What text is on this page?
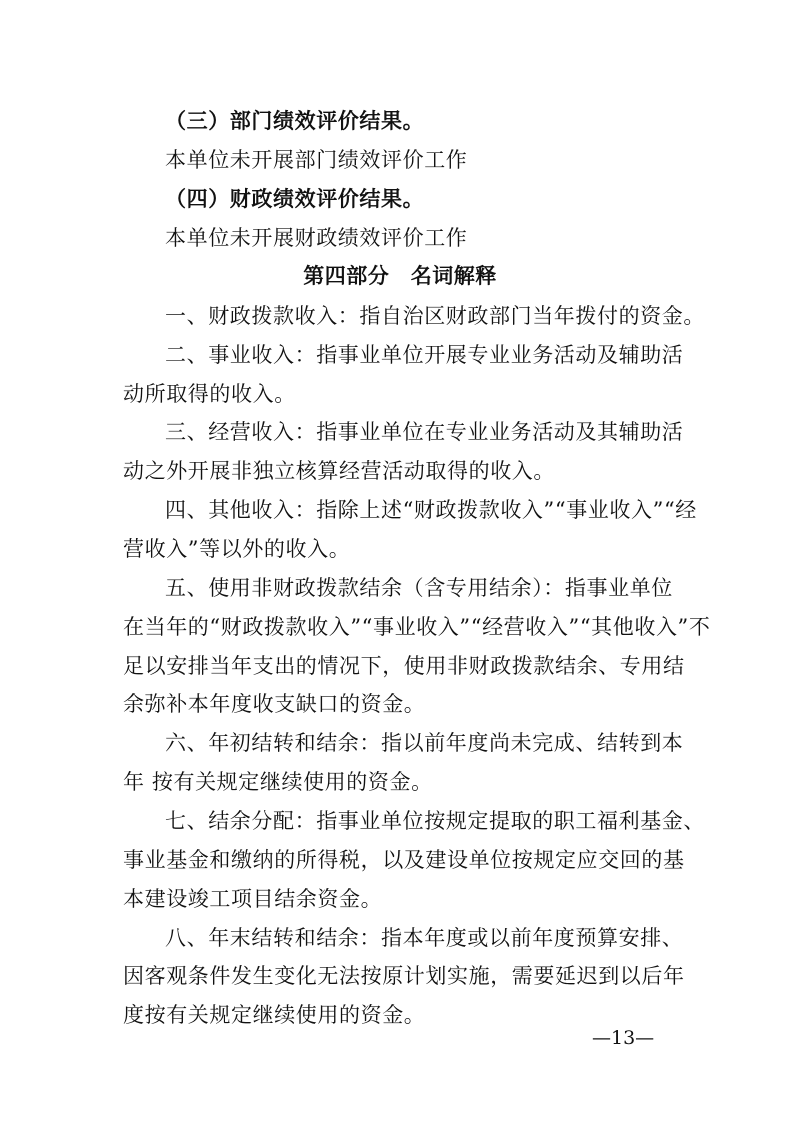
（三）部门绩效评价结果。
本单位未开展部门绩效评价工作
（四）财政绩效评价结果。
本单位未开展财政绩效评价工作
第四部分　名词解释
一、财政拨款收入：指自治区财政部门当年拨付的资金。
二、事业收入：指事业单位开展专业业务活动及辅助活
动所取得的收入。
三、经营收入：指事业单位在专业业务活动及其辅助活
动之外开展非独立核算经营活动取得的收入。
四、其他收入：指除上述“财政拨款收入”“事业收入”“经
营收入”等以外的收入。
五、使用非财政拨款结余（含专用结余）：指事业单位
在当年的“财政拨款收入”“事业收入”“经营收入”“其他收入”不
足以安排当年支出的情况下，使用非财政拨款结余、专用结
余弥补本年度收支缺口的资金。
六、年初结转和结余：指以前年度尚未完成、结转到本
年 按有关规定继续使用的资金。
七、结余分配：指事业单位按规定提取的职工福利基金、
事业基金和缴纳的所得税，以及建设单位按规定应交回的基
本建设竣工项目结余资金。
八、年末结转和结余：指本年度或以前年度预算安排、
因客观条件发生变化无法按原计划实施，需要延迟到以后年
度按有关规定继续使用的资金。
—13—
